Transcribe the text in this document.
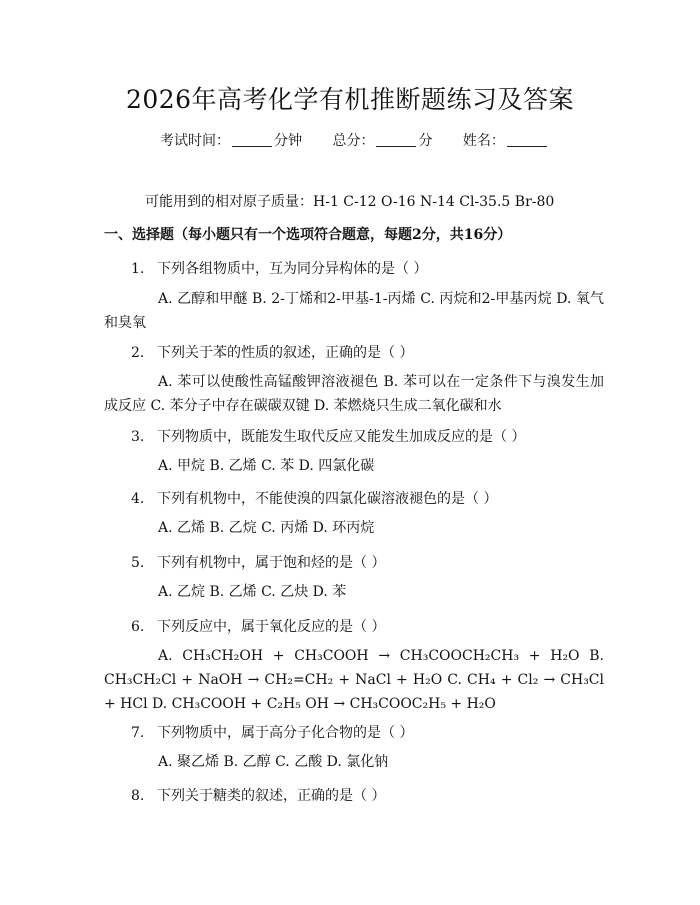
2026年高考化学有机推断题练习及答案
考试时间：	分钟 总分：	分 姓名：
可能用到的相对原子质量：H-1 C-12 O-16 N-14 Cl-35.5 Br-80
一、选择题（每小题只有一个选项符合题意，每题2分，共16分）
1. 下列各组物质中，互为同分异构体的是（ ）
A. 乙醇和甲醚 B. 2-丁烯和2-甲基-1-丙烯 C. 丙烷和2-甲基丙烷 D. 氧气和臭氧
2. 下列关于苯的性质的叙述，正确的是（ ）
A. 苯可以使酸性高锰酸钾溶液褪色 B. 苯可以在一定条件下与溴发生加成反应 C. 苯分子中存在碳碳双键 D. 苯燃烧只生成二氧化碳和水
3. 下列物质中，既能发生取代反应又能发生加成反应的是（ ）
A. 甲烷 B. 乙烯 C. 苯 D. 四氯化碳
4. 下列有机物中，不能使溴的四氯化碳溶液褪色的是（ ）
A. 乙烯 B. 乙烷 C. 丙烯 D. 环丙烷
5. 下列有机物中，属于饱和烃的是（ ）
A. 乙烷 B. 乙烯 C. 乙炔 D. 苯
6. 下列反应中，属于氧化反应的是（ ）
A. CH₃CH₂OH + CH₃COOH → CH₃COOCH₂CH₃ + H₂O B. CH₃CH₂Cl + NaOH → CH₂=CH₂ + NaCl + H₂O C. CH₄ + Cl₂ → CH₃Cl + HCl D. CH₃COOH + C₂H₅ OH → CH₃COOC₂H₅ + H₂O
7. 下列物质中，属于高分子化合物的是（ ）
A. 聚乙烯 B. 乙醇 C. 乙酸 D. 氯化钠
8. 下列关于糖类的叙述，正确的是（ ）
